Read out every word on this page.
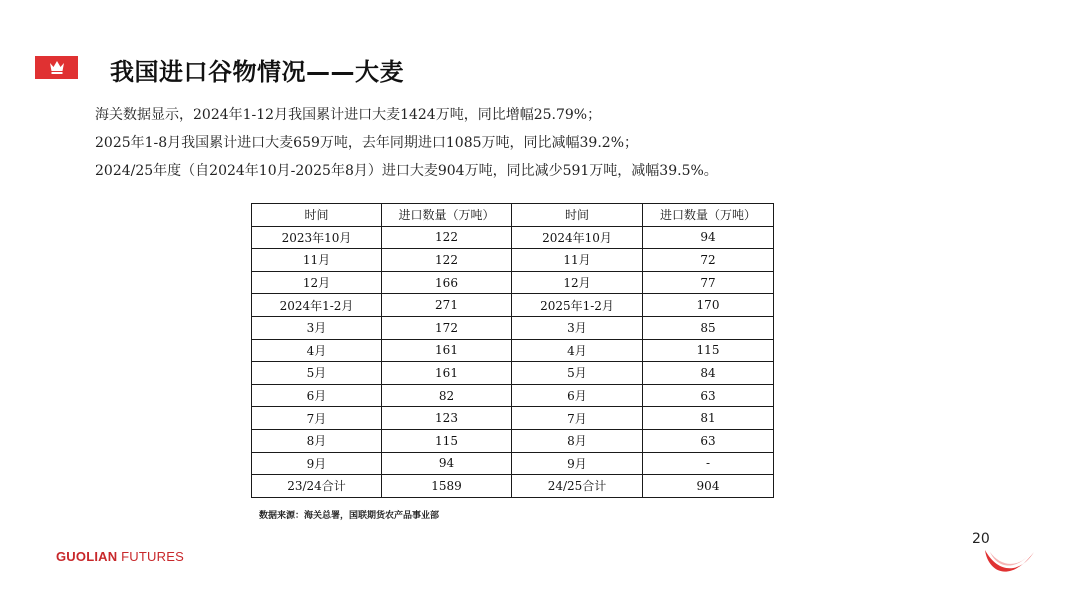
我国进口谷物情况——大麦

海关数据显示，2024年1-12月我国累计进口大麦1424万吨，同比增幅25.79%；

2025年1-8月我国累计进口大麦659万吨，去年同期进口1085万吨，同比减幅39.2%；

2024/25年度（自2024年10月-2025年8月）进口大麦904万吨，同比减少591万吨，减幅39.5%。

时间	进口数量（万吨）	时间	进口数量（万吨）
2023年10月	122	2024年10月	94
11月	122	11月	72
12月	166	12月	77
2024年1-2月	271	2025年1-2月	170
3月	172	3月	85
4月	161	4月	115
5月	161	5月	84
6月	82	6月	63
7月	123	7月	81
8月	115	8月	63
9月	94	9月	-
23/24合计	1589	24/25合计	904
数据来源：海关总署，国联期货农产品事业部
20
GUOLIAN FUTURES
